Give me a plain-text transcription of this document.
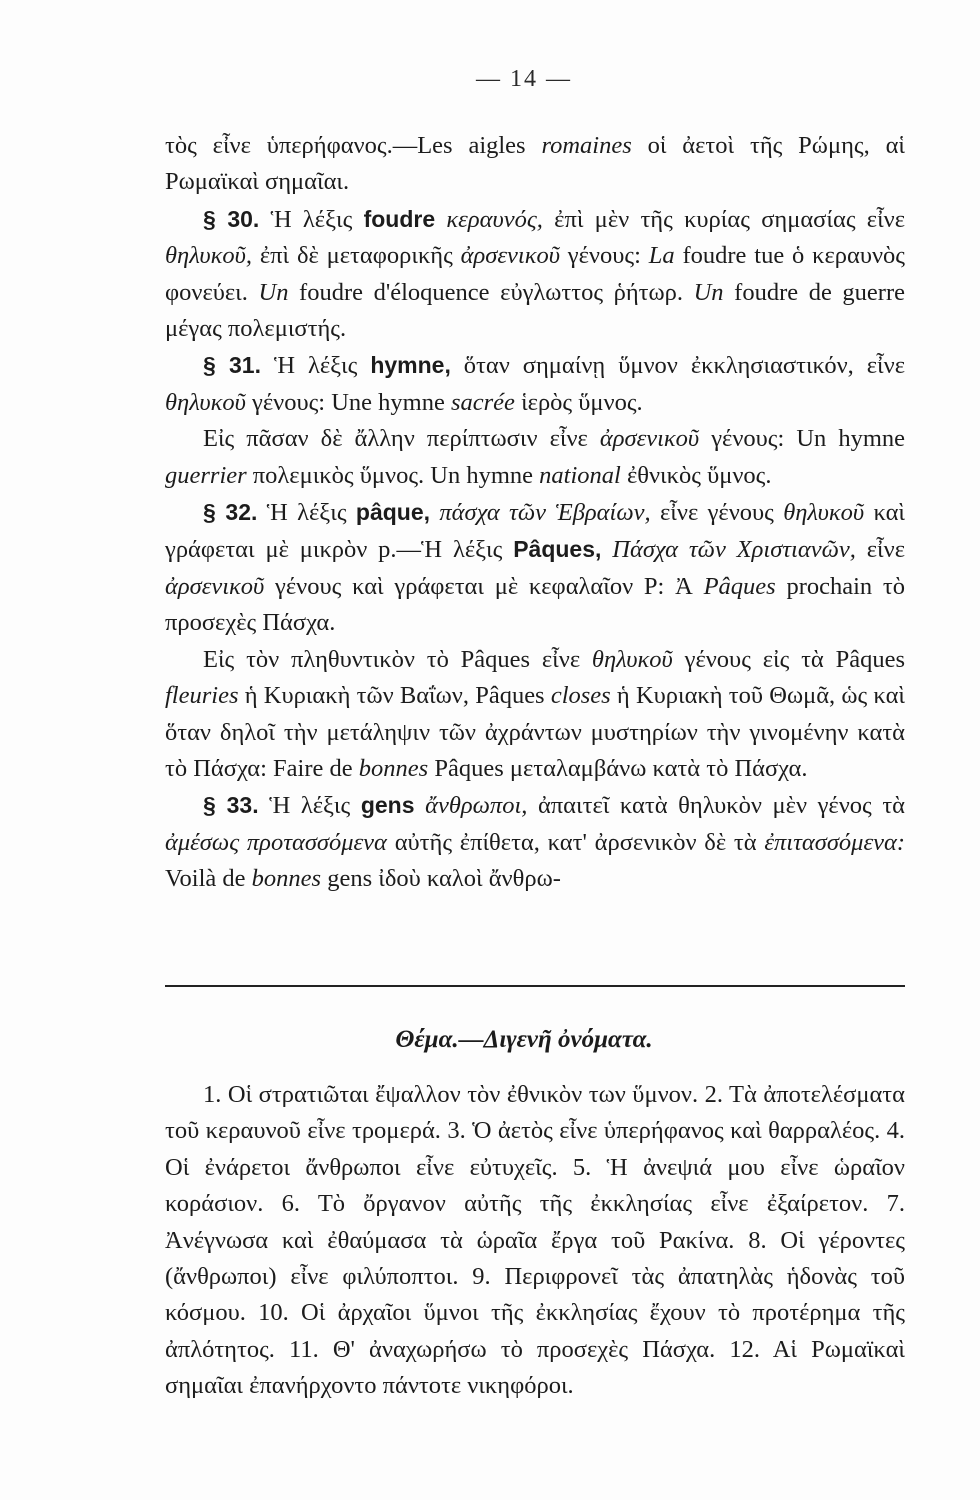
— 14 —

τὸς εἶνε ὑπερήφανος.—Les aigles romaines οἱ ἀετοὶ τῆς Ρώμης, αἱ Ρωμαϊκαὶ σημαῖαι.

§ 30. Ἡ λέξις foudre κεραυνός, ἐπὶ μὲν τῆς κυρίας σημασίας εἶνε θηλυκοῦ, ἐπὶ δὲ μεταφορικῆς ἀρσενικοῦ γένους: La foudre tue ὁ κεραυνὸς φονεύει. Un foudre d'éloquence εὐγλωττος ῥήτωρ. Un foudre de guerre μέγας πολεμιστής.

§ 31. Ἡ λέξις hymne, ὅταν σημαίνῃ ὕμνον ἐκκλησιαστικόν, εἶνε θηλυκοῦ γένους: Une hymne sacrée ἱερὸς ὕμνος.

Εἰς πᾶσαν δὲ ἄλλην περίπτωσιν εἶνε ἀρσενικοῦ γένους: Un hymne guerrier πολεμικὸς ὕμνος. Un hymne national ἐθνικὸς ὕμνος.

§ 32. Ἡ λέξις pâque, πάσχα τῶν Ἑβραίων, εἶνε γένους θηλυκοῦ καὶ γράφεται μὲ μικρὸν p.—Ἡ λέξις Pâques, Πάσχα τῶν Χριστιανῶν, εἶνε ἀρσενικοῦ γένους καὶ γράφεται μὲ κεφαλαῖον P: Ἀ Pâques prochain τὸ προσεχὲς Πάσχα.

Εἰς τὸν πληθυντικὸν τὸ Pâques εἶνε θηλυκοῦ γένους εἰς τὰ Pâques fleuries ἡ Κυριακὴ τῶν Βαΐων, Pâques closes ἡ Κυριακὴ τοῦ Θωμᾶ, ὡς καὶ ὅταν δηλοῖ τὴν μετάληψιν τῶν ἀχράντων μυστηρίων τὴν γινομένην κατὰ τὸ Πάσχα: Faire de bonnes Pâques μεταλαμβάνω κατὰ τὸ Πάσχα.

§ 33. Ἡ λέξις gens ἄνθρωποι, ἀπαιτεῖ κατὰ θηλυκὸν μὲν γένος τὰ ἀμέσως προτασσόμενα αὐτῆς ἐπίθετα, κατ' ἀρσενικὸν δὲ τὰ ἐπιτασσόμενα: Voilà de bonnes gens ἰδοὺ καλοὶ ἄνθρω-

Θέμα.—Διγενῆ ὀνόματα.

1. Οἱ στρατιῶται ἔψαλλον τὸν ἐθνικὸν των ὕμνον. 2. Τὰ ἀποτελέσματα τοῦ κεραυνοῦ εἶνε τρομερά. 3. Ὁ ἀετὸς εἶνε ὑπερήφανος καὶ θαρραλέος. 4. Οἱ ἐνάρετοι ἄνθρωποι εἶνε εὐτυχεῖς. 5. Ἡ ἀνεψιά μου εἶνε ὡραῖον κοράσιον. 6. Τὸ ὄργανον αὐτῆς τῆς ἐκκλησίας εἶνε ἐξαίρετον. 7. Ἀνέγνωσα καὶ ἐθαύμασα τὰ ὡραῖα ἔργα τοῦ Ρακίνα. 8. Οἱ γέροντες (ἄνθρωποι) εἶνε φιλύποπτοι. 9. Περιφρονεῖ τὰς ἀπατηλὰς ἡδονὰς τοῦ κόσμου. 10. Οἱ ἀρχαῖοι ὕμνοι τῆς ἐκκλησίας ἔχουν τὸ προτέρημα τῆς ἀπλότητος. 11. Θ' ἀναχωρήσω τὸ προσεχὲς Πάσχα. 12. Αἱ Ρωμαϊκαὶ σημαῖαι ἐπανήρχοντο πάντοτε νικηφόροι.
